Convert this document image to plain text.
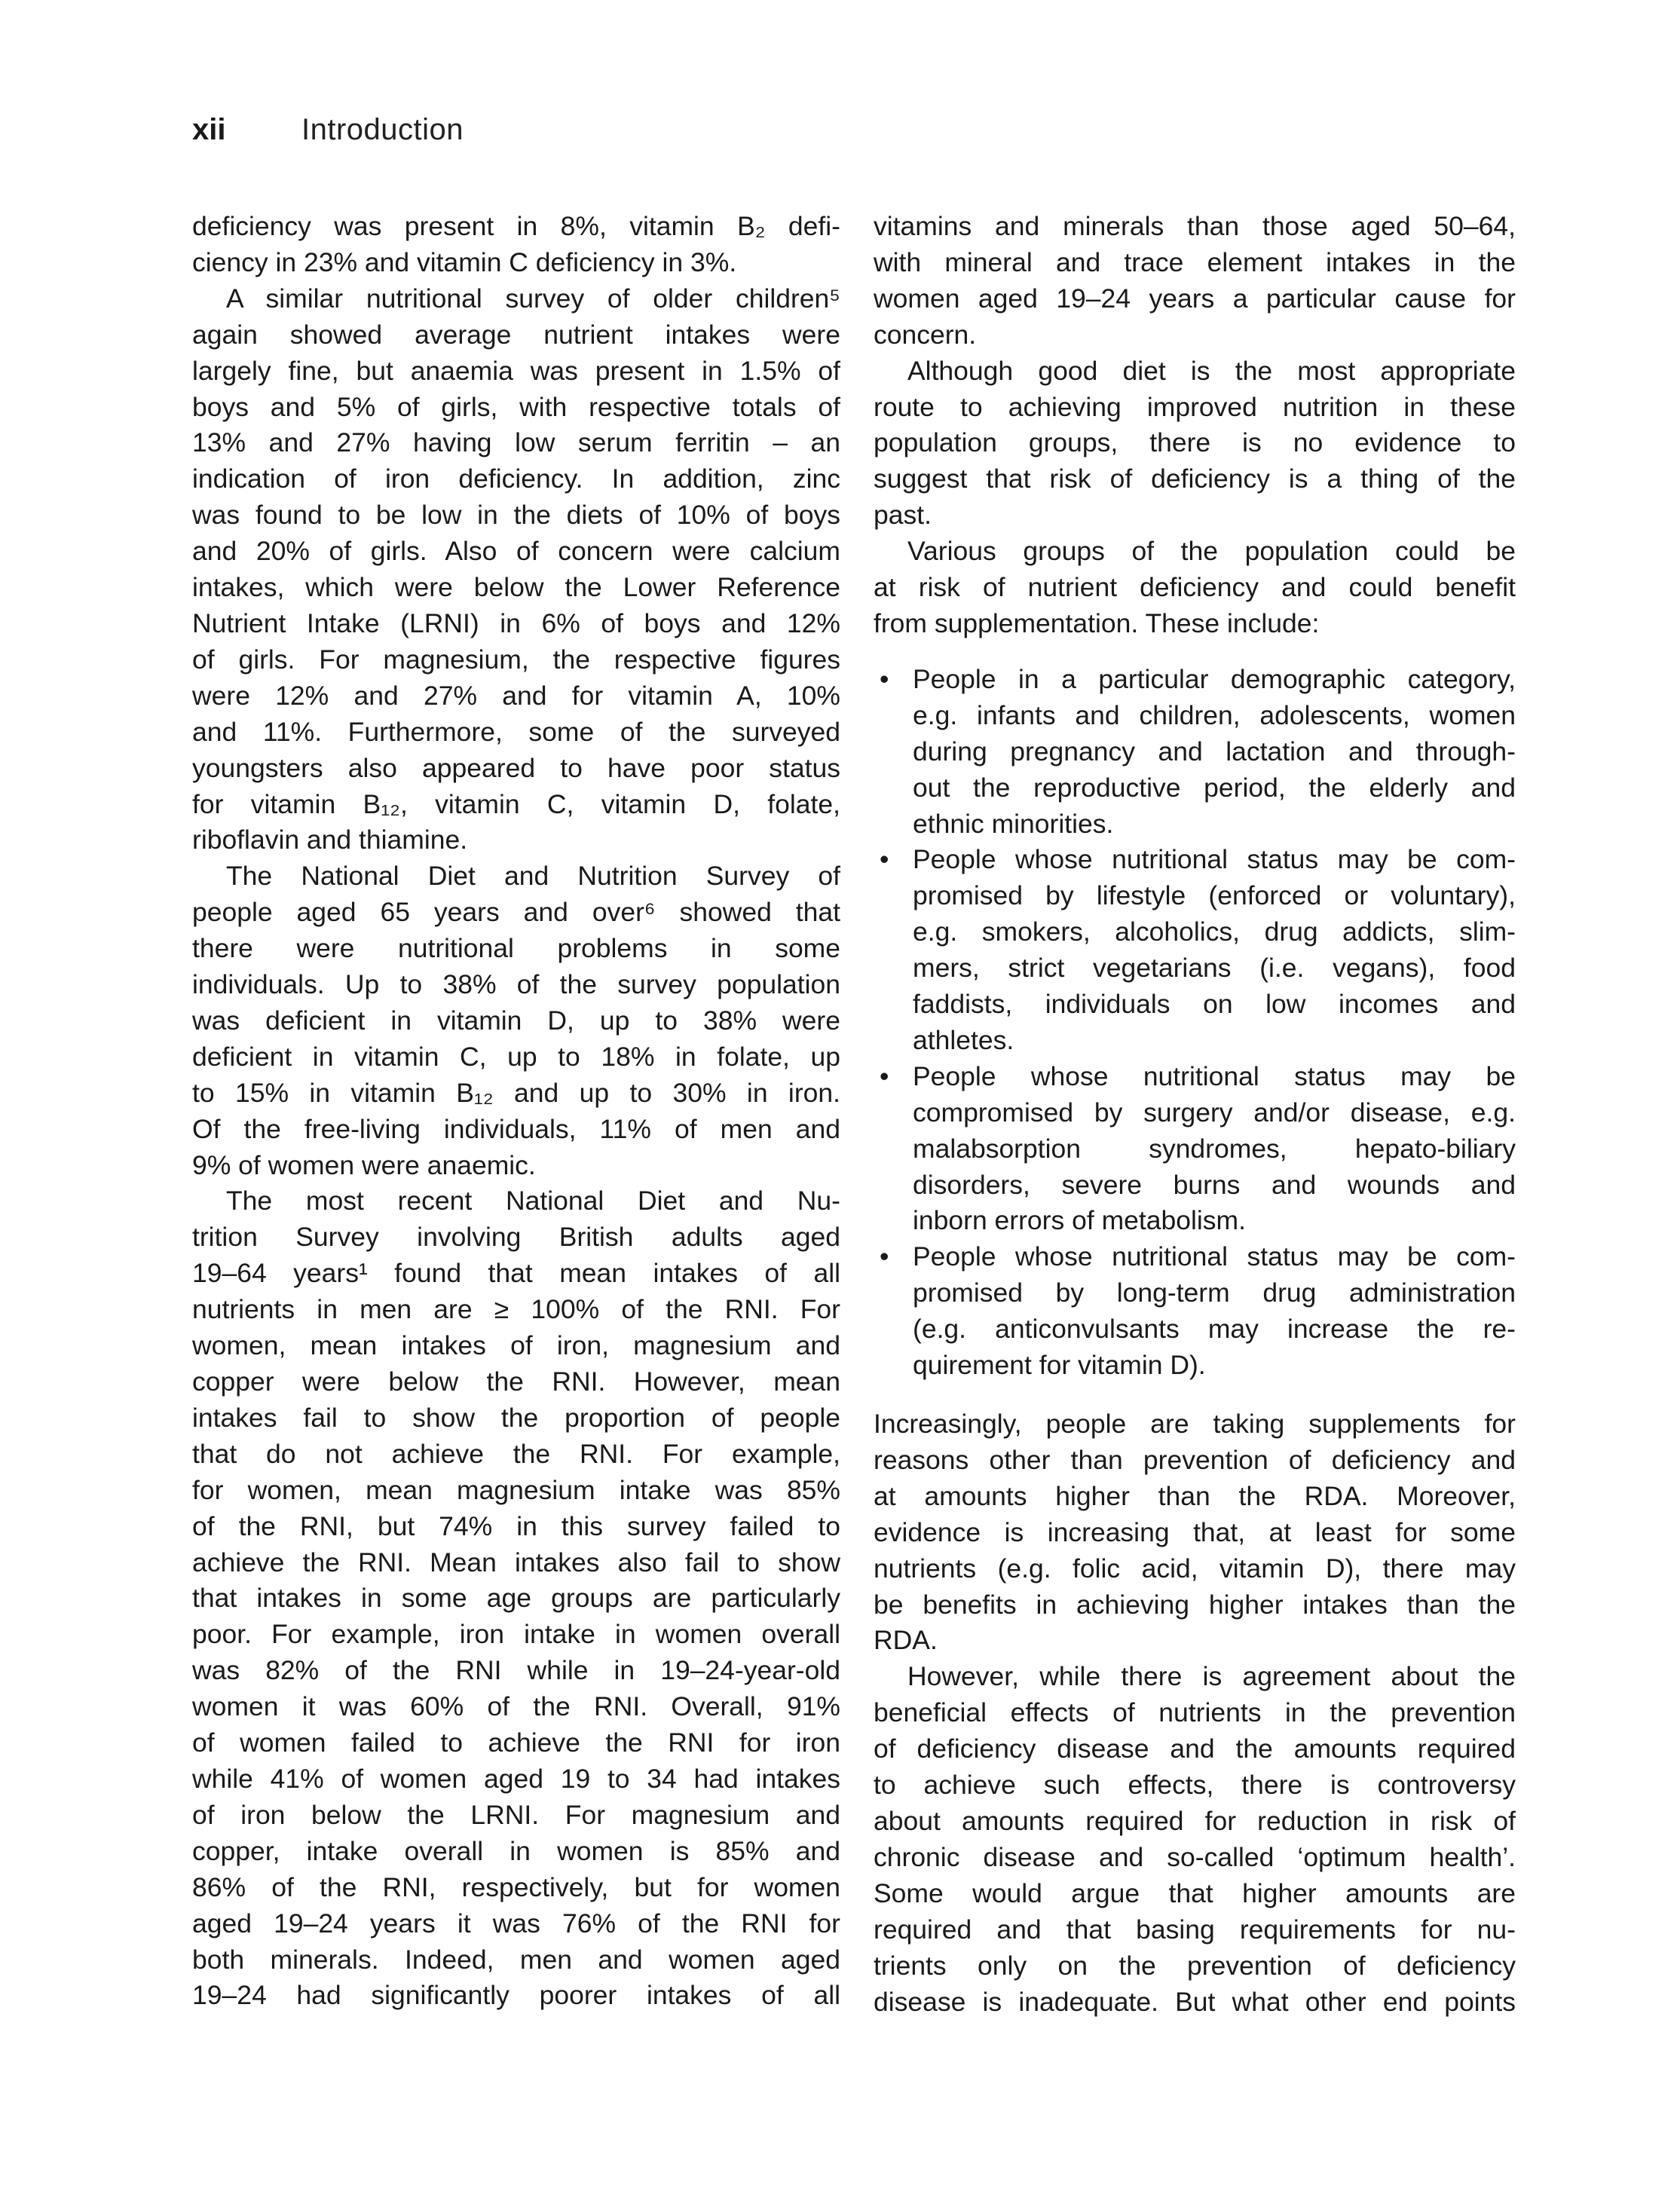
xii	Introduction

deficiency was present in 8%, vitamin B₂ defi-
ciency in 23% and vitamin C deficiency in 3%.

A similar nutritional survey of older children⁵
again showed average nutrient intakes were
largely fine, but anaemia was present in 1.5% of
boys and 5% of girls, with respective totals of
13% and 27% having low serum ferritin – an
indication of iron deficiency. In addition, zinc
was found to be low in the diets of 10% of boys
and 20% of girls. Also of concern were calcium
intakes, which were below the Lower Reference
Nutrient Intake (LRNI) in 6% of boys and 12%
of girls. For magnesium, the respective figures
were 12% and 27% and for vitamin A, 10%
and 11%. Furthermore, some of the surveyed
youngsters also appeared to have poor status
for vitamin B₁₂, vitamin C, vitamin D, folate,
riboflavin and thiamine.

The National Diet and Nutrition Survey of
people aged 65 years and over⁶ showed that
there were nutritional problems in some
individuals. Up to 38% of the survey population
was deficient in vitamin D, up to 38% were
deficient in vitamin C, up to 18% in folate, up
to 15% in vitamin B₁₂ and up to 30% in iron.
Of the free-living individuals, 11% of men and
9% of women were anaemic.

The most recent National Diet and Nu-
trition Survey involving British adults aged
19–64 years¹ found that mean intakes of all
nutrients in men are ≥ 100% of the RNI. For
women, mean intakes of iron, magnesium and
copper were below the RNI. However, mean
intakes fail to show the proportion of people
that do not achieve the RNI. For example,
for women, mean magnesium intake was 85%
of the RNI, but 74% in this survey failed to
achieve the RNI. Mean intakes also fail to show
that intakes in some age groups are particularly
poor. For example, iron intake in women overall
was 82% of the RNI while in 19–24-year-old
women it was 60% of the RNI. Overall, 91%
of women failed to achieve the RNI for iron
while 41% of women aged 19 to 34 had intakes
of iron below the LRNI. For magnesium and
copper, intake overall in women is 85% and
86% of the RNI, respectively, but for women
aged 19–24 years it was 76% of the RNI for
both minerals. Indeed, men and women aged
19–24 had significantly poorer intakes of all

vitamins and minerals than those aged 50–64,
with mineral and trace element intakes in the
women aged 19–24 years a particular cause for
concern.

Although good diet is the most appropriate
route to achieving improved nutrition in these
population groups, there is no evidence to
suggest that risk of deficiency is a thing of the
past.

Various groups of the population could be
at risk of nutrient deficiency and could benefit
from supplementation. These include:

• People in a particular demographic category,
e.g. infants and children, adolescents, women
during pregnancy and lactation and through-
out the reproductive period, the elderly and
ethnic minorities.
• People whose nutritional status may be com-
promised by lifestyle (enforced or voluntary),
e.g. smokers, alcoholics, drug addicts, slim-
mers, strict vegetarians (i.e. vegans), food
faddists, individuals on low incomes and
athletes.
• People whose nutritional status may be
compromised by surgery and/or disease, e.g.
malabsorption syndromes, hepato-biliary
disorders, severe burns and wounds and
inborn errors of metabolism.
• People whose nutritional status may be com-
promised by long-term drug administration
(e.g. anticonvulsants may increase the re-
quirement for vitamin D).

Increasingly, people are taking supplements for
reasons other than prevention of deficiency and
at amounts higher than the RDA. Moreover,
evidence is increasing that, at least for some
nutrients (e.g. folic acid, vitamin D), there may
be benefits in achieving higher intakes than the
RDA.

However, while there is agreement about the
beneficial effects of nutrients in the prevention
of deficiency disease and the amounts required
to achieve such effects, there is controversy
about amounts required for reduction in risk of
chronic disease and so-called ‘optimum health’.
Some would argue that higher amounts are
required and that basing requirements for nu-
trients only on the prevention of deficiency
disease is inadequate. But what other end points
